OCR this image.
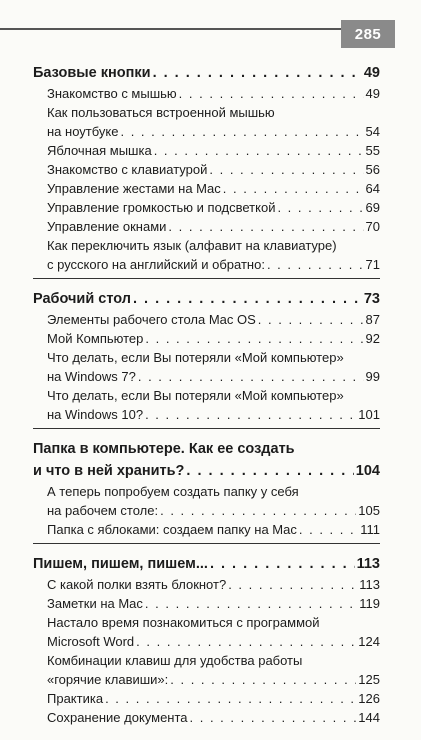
285
Базовые кнопки . . .	49
Знакомство с мышью . . .	49
Как пользоваться встроенной мышью
на ноутбуке . . .	54
Яблочная мышка . . .	55
Знакомство с клавиатурой . . .	56
Управление жестами на Mac . . .	64
Управление громкостью и подсветкой . . .	69
Управление окнами . . .	70
Как переключить язык (алфавит на клавиатуре)
с русского на английский и обратно: . . .	71
Рабочий стол . . .	73
Элементы рабочего стола Mac OS . . .	87
Мой Компьютер . . .	92
Что делать, если Вы потеряли «Мой компьютер»
на Windows 7? . . .	99
Что делать, если Вы потеряли «Мой компьютер»
на Windows 10? . . .	101
Папка в компьютере. Как ее создать
и что в ней хранить? . . .	104
А теперь попробуем создать папку у себя
на рабочем столе: . . .	105
Папка с яблоками: создаем папку на Mac . . .	111
Пишем, пишем, пишем... . . .	113
С какой полки взять блокнот? . . .	113
Заметки на Mac . . .	119
Настало время познакомиться с программой
Microsoft Word . . .	124
Комбинации клавиш для удобства работы
«горячие клавиши»: . . .	125
Практика . . .	126
Сохранение документа . . .	144
